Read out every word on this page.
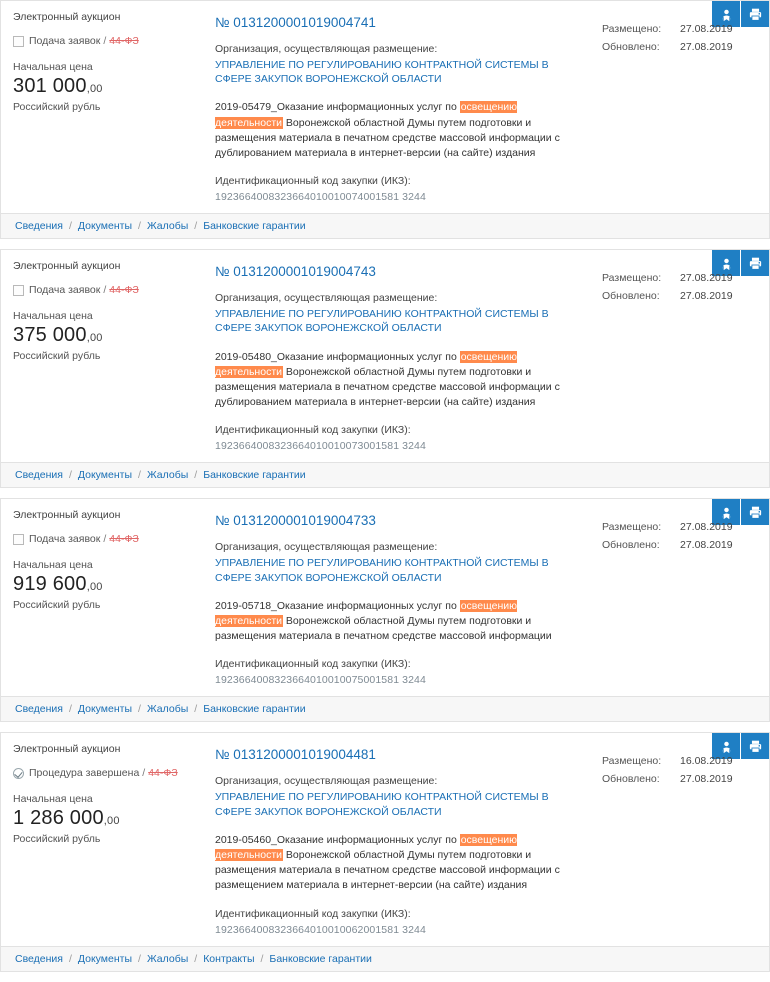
Электронный аукцион
Подача заявок / 44-ФЗ
Начальная цена
301 000,00
Российский рубль
№ 0131200001019004741
Организация, осуществляющая размещение:
УПРАВЛЕНИЕ ПО РЕГУЛИРОВАНИЮ КОНТРАКТНОЙ СИСТЕМЫ В СФЕРЕ ЗАКУПОК ВОРОНЕЖСКОЙ ОБЛАСТИ
2019-05479_Оказание информационных услуг по освещению деятельности Воронежской областной Думы путем подготовки и размещения материала в печатном средстве массовой информации с дублированием материала в интернет-версии (на сайте) издания
Идентификационный код закупки (ИКЗ):
1923664008323664010010074001581 3244
Размещено:	27.08.2019
Обновлено:	27.08.2019
Сведения / Документы / Жалобы / Банковские гарантии
Электронный аукцион
Подача заявок / 44-ФЗ
Начальная цена
375 000,00
Российский рубль
№ 0131200001019004743
Организация, осуществляющая размещение:
УПРАВЛЕНИЕ ПО РЕГУЛИРОВАНИЮ КОНТРАКТНОЙ СИСТЕМЫ В СФЕРЕ ЗАКУПОК ВОРОНЕЖСКОЙ ОБЛАСТИ
2019-05480_Оказание информационных услуг по освещению деятельности Воронежской областной Думы путем подготовки и размещения материала в печатном средстве массовой информации с дублированием материала в интернет-версии (на сайте) издания
Идентификационный код закупки (ИКЗ):
1923664008323664010010073001581 3244
Размещено:	27.08.2019
Обновлено:	27.08.2019
Сведения / Документы / Жалобы / Банковские гарантии
Электронный аукцион
Подача заявок / 44-ФЗ
Начальная цена
919 600,00
Российский рубль
№ 0131200001019004733
Организация, осуществляющая размещение:
УПРАВЛЕНИЕ ПО РЕГУЛИРОВАНИЮ КОНТРАКТНОЙ СИСТЕМЫ В СФЕРЕ ЗАКУПОК ВОРОНЕЖСКОЙ ОБЛАСТИ
2019-05718_Оказание информационных услуг по освещению деятельности Воронежской областной Думы путем подготовки и размещения материала в печатном средстве массовой информации
Идентификационный код закупки (ИКЗ):
1923664008323664010010075001581 3244
Размещено:	27.08.2019
Обновлено:	27.08.2019
Сведения / Документы / Жалобы / Банковские гарантии
Электронный аукцион
Процедура завершена / 44-ФЗ
Начальная цена
1 286 000,00
Российский рубль
№ 0131200001019004481
Организация, осуществляющая размещение:
УПРАВЛЕНИЕ ПО РЕГУЛИРОВАНИЮ КОНТРАКТНОЙ СИСТЕМЫ В СФЕРЕ ЗАКУПОК ВОРОНЕЖСКОЙ ОБЛАСТИ
2019-05460_Оказание информационных услуг по освещению деятельности Воронежской областной Думы путем подготовки и размещения материала в печатном средстве массовой информации с размещением материала в интернет-версии (на сайте) издания
Идентификационный код закупки (ИКЗ):
1923664008323664010010062001581 3244
Размещено:	16.08.2019
Обновлено:	27.08.2019
Сведения / Документы / Жалобы / Контракты / Банковские гарантии
